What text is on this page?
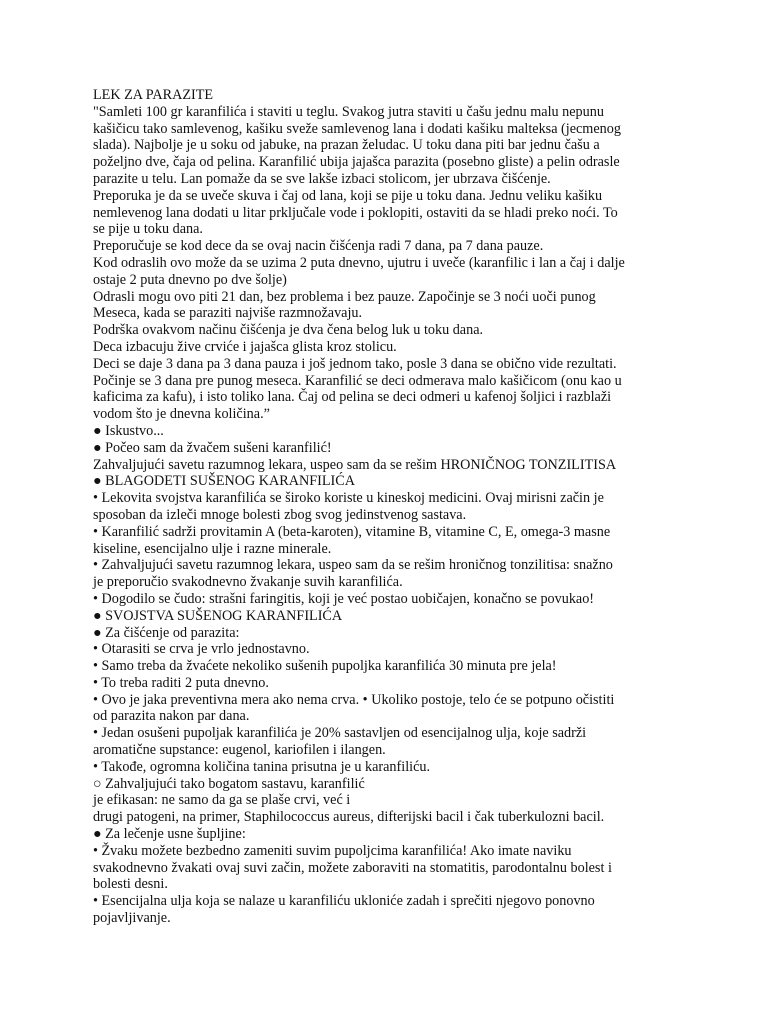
LEK ZA PARAZITE
"Samleti 100 gr karanfilića i staviti u teglu. Svakog jutra staviti u čašu jednu malu nepunu
kašičicu tako samlevenog, kašiku sveže samlevenog lana i dodati kašiku malteksa (jecmenog
slada). Najbolje je u soku od jabuke, na prazan želudac. U toku dana piti bar jednu čašu a
poželjno dve, čaja od pelina. Karanfilić ubija jajašca parazita (posebno gliste) a pelin odrasle
parazite u telu. Lan pomaže da se sve lakše izbaci stolicom, jer ubrzava čišćenje.
Preporuka je da se uveče skuva i čaj od lana, koji se pije u toku dana. Jednu veliku kašiku
nemlevenog lana dodati u litar prključale vode i poklopiti, ostaviti da se hladi preko noći. To
se pije u toku dana.
Preporučuje se kod dece da se ovaj nacin čišćenja radi 7 dana, pa 7 dana pauze.
Kod odraslih ovo može da se uzima 2 puta dnevno, ujutru i uveče (karanfilic i lan a čaj i dalje
ostaje 2 puta dnevno po dve šolje)
Odrasli mogu ovo piti 21 dan, bez problema i bez pauze. Započinje se 3 noći uoči punog
Meseca, kada se paraziti najviše razmnožavaju.
Podrška ovakvom načinu čišćenja je dva čena belog luk u toku dana.
Deca izbacuju žive crviće i jajašca glista kroz stolicu.
Deci se daje 3 dana pa 3 dana pauza i još jednom tako, posle 3 dana se obično vide rezultati.
Počinje se 3 dana pre punog meseca. Karanfilić se deci odmerava malo kašičicom (onu kao u
kaficima za kafu), i isto toliko lana. Čaj od pelina se deci odmeri u kafenoj šoljici i razblaži
vodom što je dnevna količina.”
● Iskustvo...
● Počeo sam da žvačem sušeni karanfilić!
Zahvaljujući savetu razumnog lekara, uspeo sam da se rešim HRONIČNOG TONZILITISA
● BLAGODETI SUŠENOG KARANFILIĆA
• Lekovita svojstva karanfilića se široko koriste u kineskoj medicini. Ovaj mirisni začin je
sposoban da izleči mnoge bolesti zbog svog jedinstvenog sastava.
• Karanfilić sadrži provitamin A (beta-karoten), vitamine B, vitamine C, E, omega-3 masne
kiseline, esencijalno ulje i razne minerale.
• Zahvaljujući savetu razumnog lekara, uspeo sam da se rešim hroničnog tonzilitisa: snažno
je preporučio svakodnevno žvakanje suvih karanfilića.
• Dogodilo se čudo: strašni faringitis, koji je već postao uobičajen, konačno se povukao!
● SVOJSTVA SUŠENOG KARANFILIĆA
● Za čišćenje od parazita:
• Otarasiti se crva je vrlo jednostavno.
• Samo treba da žvaćete nekoliko sušenih pupoljka karanfilića 30 minuta pre jela!
• To treba raditi 2 puta dnevno.
• Ovo je jaka preventivna mera ako nema crva. • Ukoliko postoje, telo će se potpuno očistiti
od parazita nakon par dana.
• Jedan osušeni pupoljak karanfilića je 20% sastavljen od esencijalnog ulja, koje sadrži
aromatične supstance: eugenol, kariofilen i ilangen.
• Takođe, ogromna količina tanina prisutna je u karanfiliću.
○ Zahvaljujući tako bogatom sastavu, karanfilić
je efikasan: ne samo da ga se plaše crvi, već i
drugi patogeni, na primer, Staphilococcus aureus, difterijski bacil i čak tuberkulozni bacil.
● Za lečenje usne šupljine:
• Žvaku možete bezbedno zameniti suvim pupoljcima karanfilića! Ako imate naviku
svakodnevno žvakati ovaj suvi začin, možete zaboraviti na stomatitis, parodontalnu bolest i
bolesti desni.
• Esencijalna ulja koja se nalaze u karanfiliću ukloniće zadah i sprečiti njegovo ponovno
pojavljivanje.
